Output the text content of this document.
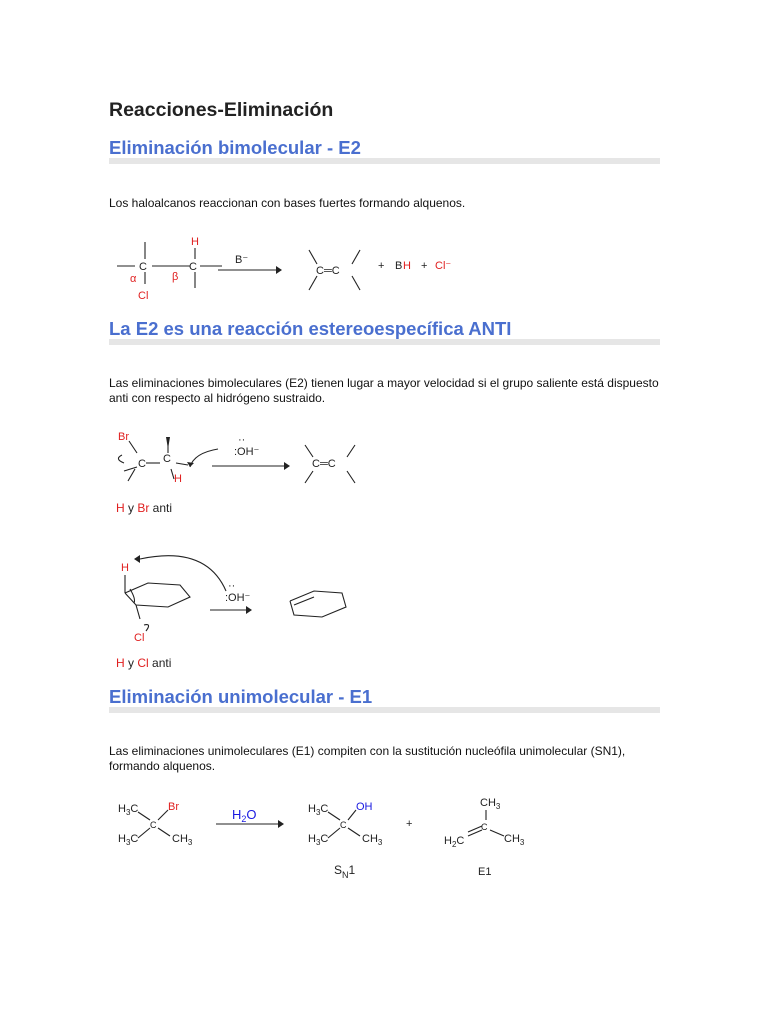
Reacciones-Eliminación
Eliminación bimolecular - E2

Los haloalcanos reaccionan con bases fuertes formando alquenos.

C	C
H
Cl
α	β
B⁻
C═C	+ B H + Cl⁻
La E2 es una reacción estereoespecífica ANTI

Las eliminaciones bimoleculares (E2) tienen lugar a mayor velocidad si el grupo saliente está dispuesto anti con respecto al hidrógeno sustraido.

Br
C C
H
··
:OH⁻
C═C
H y Br anti
H
Cl
··
:OH⁻
H y Cl anti
Eliminación unimolecular - E1

Las eliminaciones unimoleculares (E1) compiten con la sustitución nucleófila unimolecular (SN1), formando alquenos.

$H_3C$
$H_3C$
C
Br
$CH_3$
$H_2O$	$H_3C$
$H_3C$
C
OH
$CH_3$
+
$CH_3$
C
$H_2C$	$CH_3$
$S_N1$	E1
